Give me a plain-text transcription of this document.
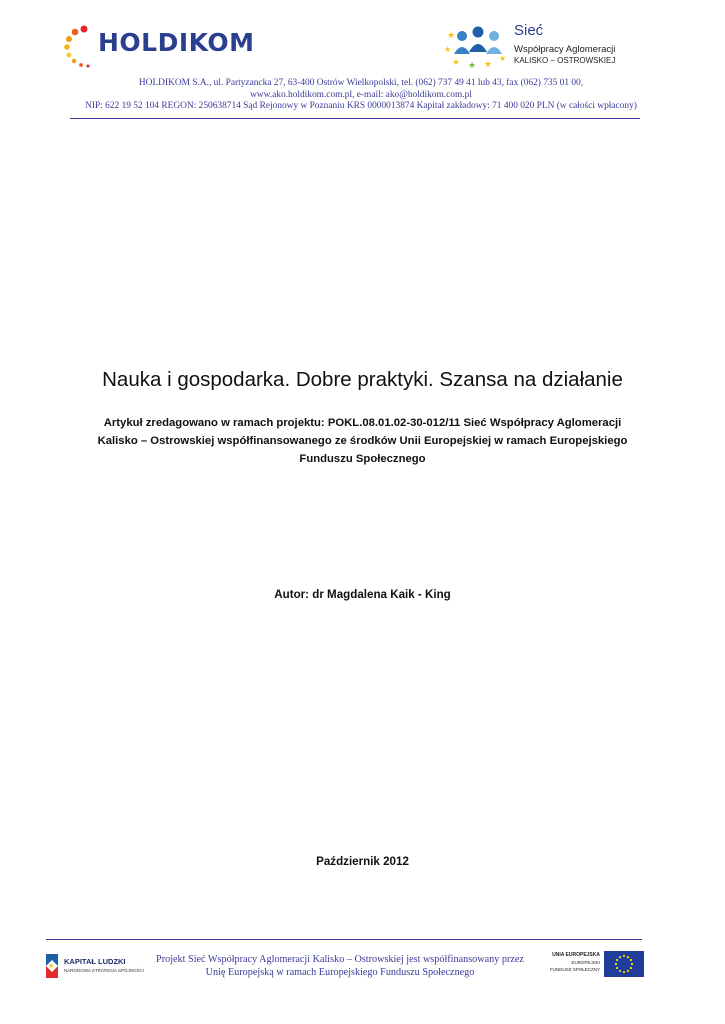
HOLDIKOM	★
★
★ ★ ★
★
Sieć
Współpracy Aglomeracji
KALISKO – OSTROWSKIEJ
HOLDIKOM S.A., ul. Partyzancka 27, 63-400 Ostrów Wielkopolski, tel. (062) 737 49 41 lub 43, fax (062) 735 01 00,
www.ako.holdikom.com.pl, e-mail: ako@holdikom.com.pl
NIP: 622 19 52 104 REGON: 250638714 Sąd Rejonowy w Poznaniu KRS 0000013874 Kapitał zakładowy: 71 400 020 PLN (w całości wpłacony)
Nauka i gospodarka. Dobre praktyki. Szansa na działanie
Artykuł zredagowano w ramach projektu: POKL.08.01.02-30-012/11 Sieć Współpracy Aglomeracji
Kalisko – Ostrowskiej współfinansowanego ze środków Unii Europejskiej w ramach Europejskiego
Funduszu Społecznego
Autor: dr Magdalena Kaik - King
Październik 2012
★
KAPITAŁ LUDZKI
NARODOWA STRATEGIA SPÓJNOŚCI
Projekt Sieć Współpracy Aglomeracji Kalisko – Ostrowskiej jest współfinansowany przez
Unię Europejską w ramach Europejskiego Funduszu Społecznego
UNIA EUROPEJSKA
EUROPEJSKI
FUNDUSZ SPOŁECZNY
